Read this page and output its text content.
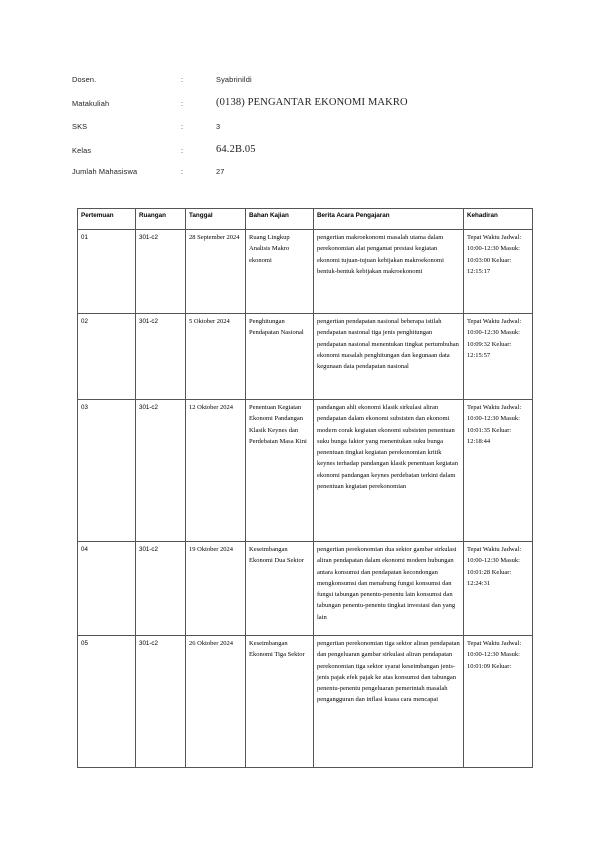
Dosen.	:	Syabrinildi
Matakuliah	:	(0138) PENGANTAR EKONOMI MAKRO
SKS	:	3
Kelas	:	64.2B.05
Jumlah Mahasiswa	:	27
Pertemuan	Ruangan	Tanggal	Bahan Kajian	Berita Acara Pengajaran	Kehadiran
01	301-c2	28 September 2024	Ruang Lingkup Analisis Makro ekonomi	pengertian makroekonomi masalah utama dalam perekonomian alat pengamat prestasi kegiatan ekonomi tujuan-tujuan kebijakan makroekonomi bentuk-bentuk kebijakan makroekonomi	Tepat Waktu Jadwal: 10:00-12:30 Masuk: 10:03:00 Keluar: 12:15:17
02	301-c2	5 Oktober 2024	Penghitungan Pendapatan Nasional	pengertian pendapatan nasional beberapa istilah pendapatan nasional tiga jenis penghitungan pendapatan nasional menentukan tingkat pertumbuhan ekonomi masalah penghitungan dan kegunaan data kegunaan data pendapatan nasional	Tepat Waktu Jadwal: 10:00-12:30 Masuk: 10:09:32 Keluar: 12:15:57
03	301-c2	12 Oktober 2024	Penentuan Kegiatan Ekonomi Pandangan Klasik Keynes dan Perdebatan Masa Kini	pandangan ahli ekonomi klasik sirkulasi aliran pendapatan dalam ekonomi subsisten dan ekonomi modern corak kegiatan ekonomi subsisten penentuan suku bunga faktor yang menentukan suku bunga penentuan tingkat kegiatan perekonomian kritik keynes terhadap pandangan klasik penentuan kegiatan ekonomi pandangan keynes perdebatan terkini dalam penentuan kegiatan perekonomian	Tepat Waktu Jadwal: 10:00-12:30 Masuk: 10:01:35 Keluar: 12:18:44
04	301-c2	19 Oktober 2024	Keseimbangan Ekonomi Dua Sektor	pengertian perekonomian dua sektor gambar sirkulasi aliran pendapatan dalam ekonomi modern hubungan antara konsumsi dan pendapatan kecondongan mengkonsumsi dan menabung fungsi konsumsi dan fungsi tabungan penentu-penentu lain konsumsi dan tabungan penentu-penentu tingkat investasi dan yang lain	Tepat Waktu Jadwal: 10:00-12:30 Masuk: 10:01:28 Keluar: 12:24:31
05	301-c2	26 Oktober 2024	Keseimbangan Ekonomi Tiga Sektor	pengertian perekonomian tiga sektor aliran pendapatan dan pengeluaran gambar sirkulasi aliran pendapatan perekonomian tiga sektor syarat keseimbangan jenis-jenis pajak efek pajak ke atas konsumsi dan tabungan penentu-penentu pengeluaran pemerintah masalah pengangguran dan inflasi kuasa cara mencapai	Tepat Waktu Jadwal: 10:00-12:30 Masuk: 10:01:09 Keluar:
